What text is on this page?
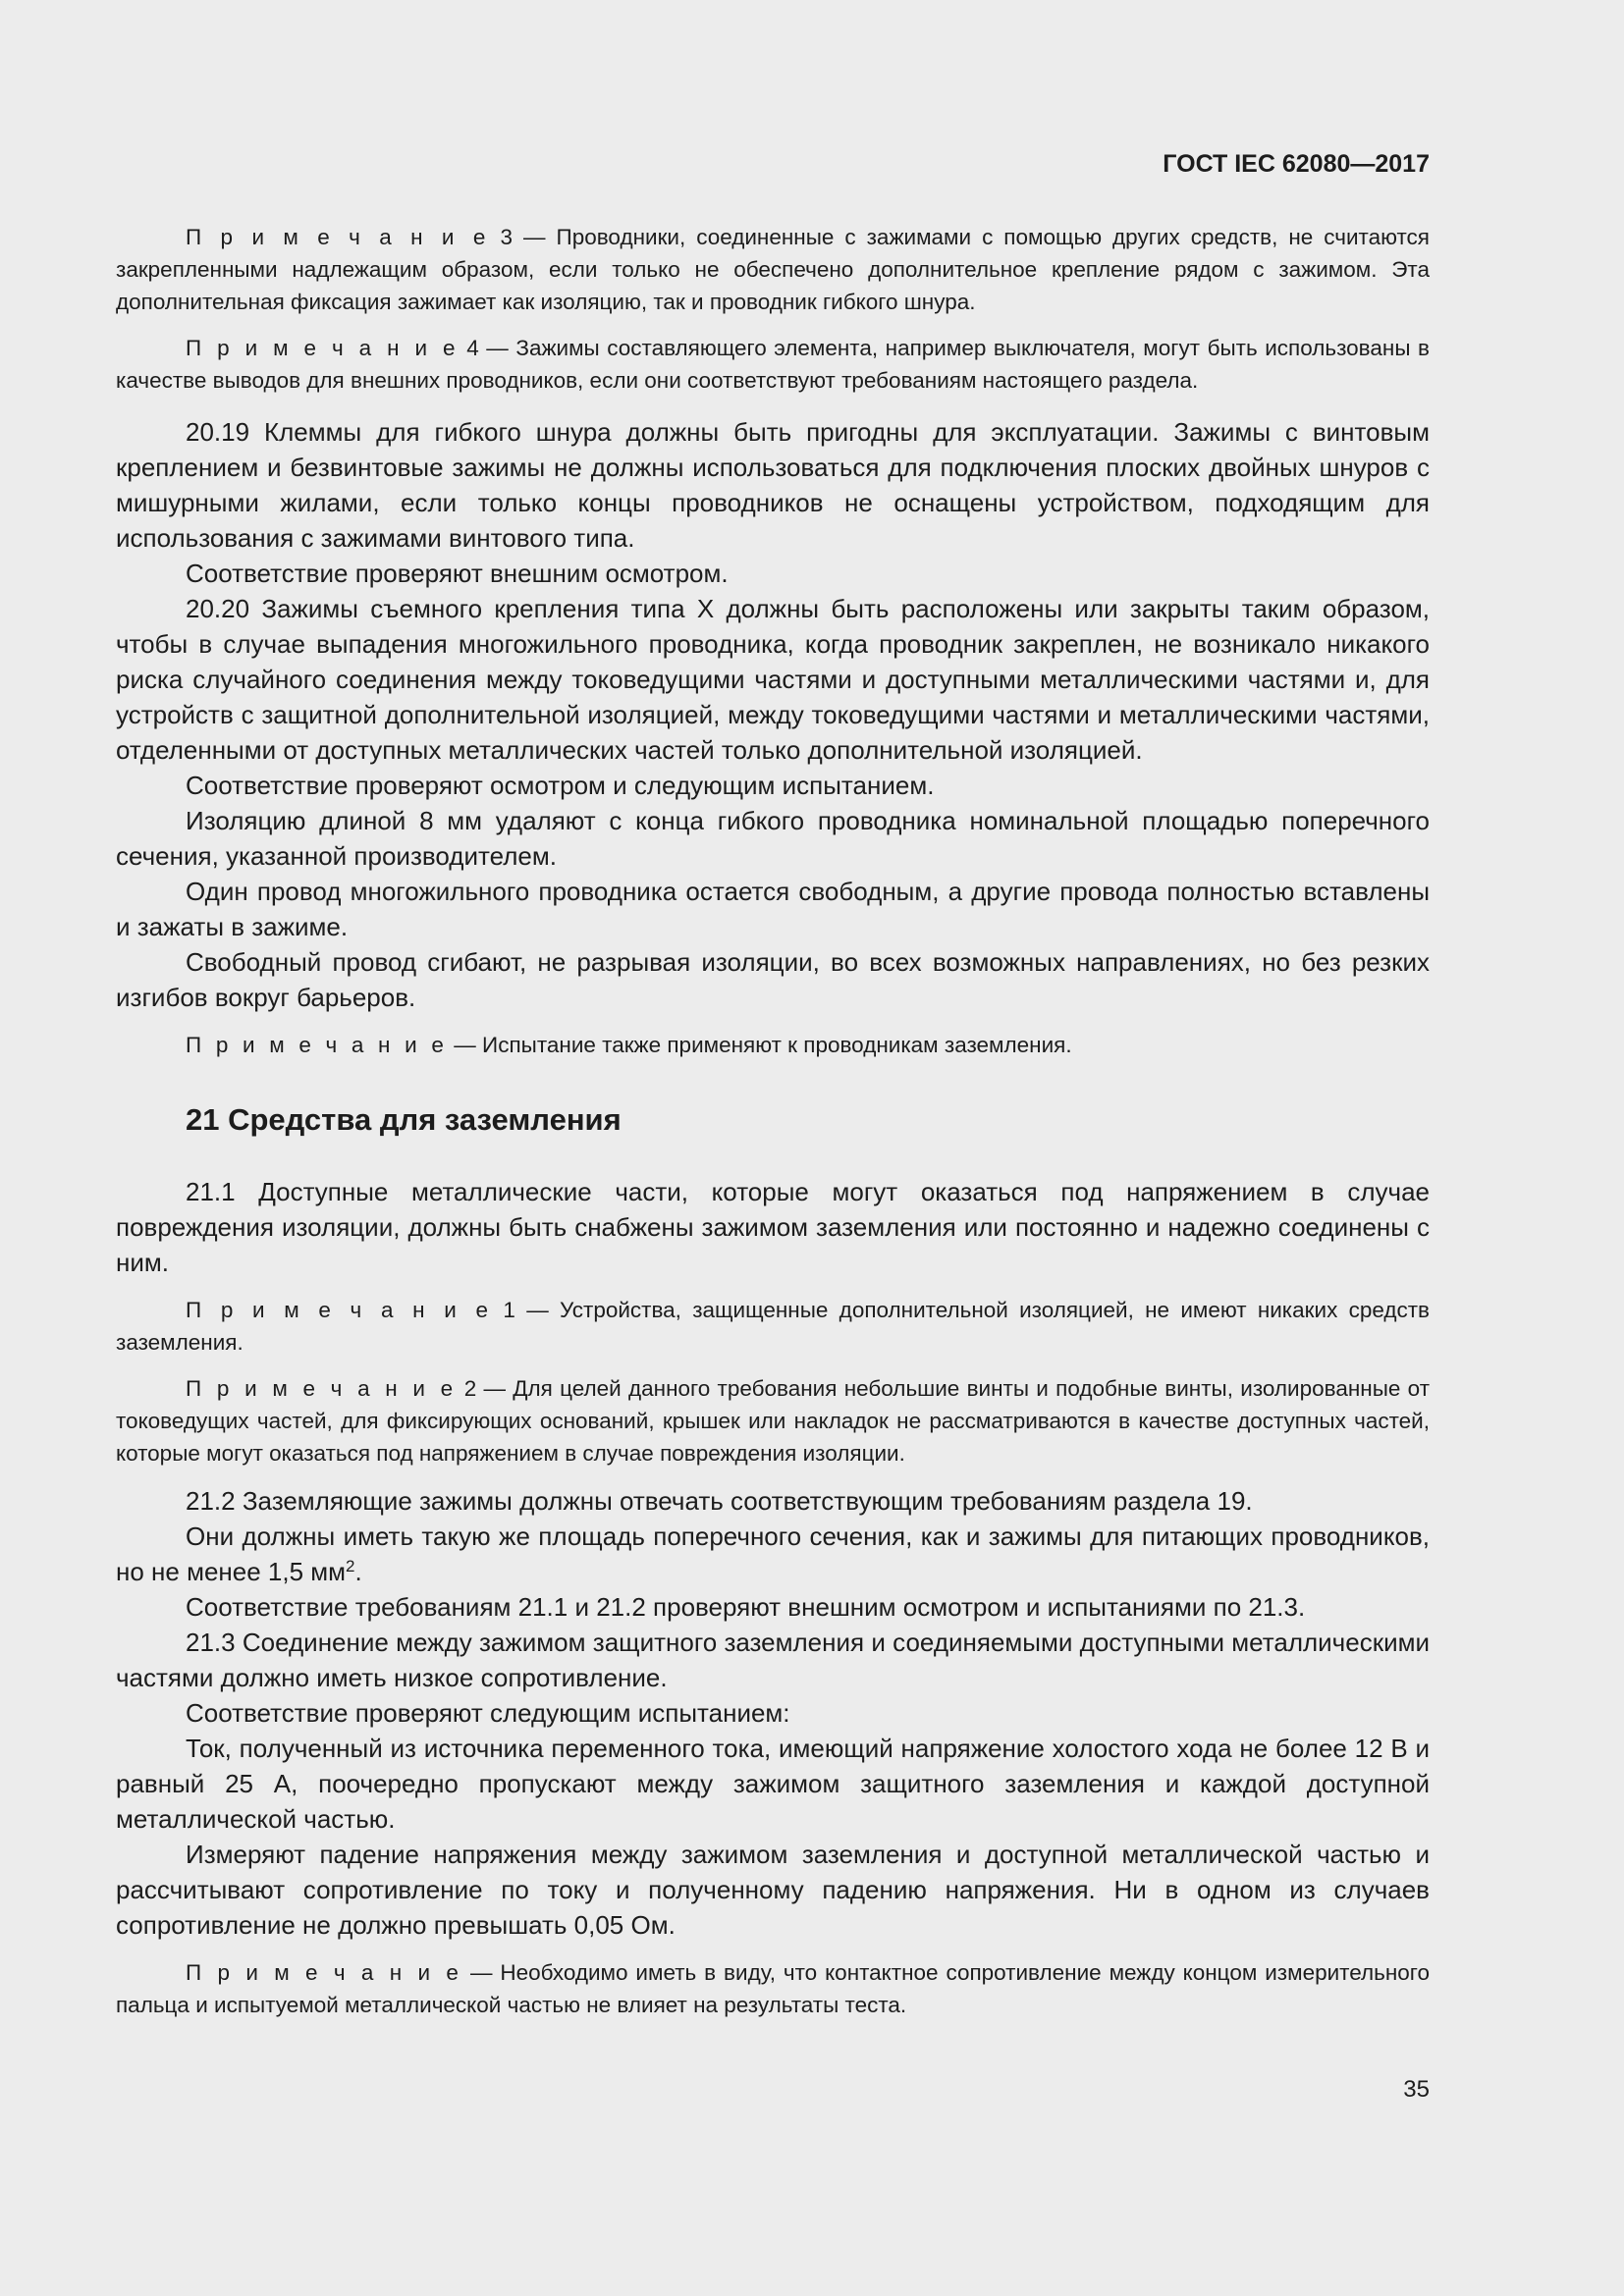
ГОСТ IEC 62080—2017

П р и м е ч а н и е 3 — Проводники, соединенные с зажимами с помощью других средств, не считаются закрепленными надлежащим образом, если только не обеспечено дополнительное крепление рядом с зажимом. Эта дополнительная фиксация зажимает как изоляцию, так и проводник гибкого шнура.

П р и м е ч а н и е 4 — Зажимы составляющего элемента, например выключателя, могут быть использованы в качестве выводов для внешних проводников, если они соответствуют требованиям настоящего раздела.

20.19 Клеммы для гибкого шнура должны быть пригодны для эксплуатации. Зажимы с винтовым креплением и безвинтовые зажимы не должны использоваться для подключения плоских двойных шнуров с мишурными жилами, если только концы проводников не оснащены устройством, подходящим для использования с зажимами винтового типа.

Соответствие проверяют внешним осмотром.

20.20 Зажимы съемного крепления типа X должны быть расположены или закрыты таким образом, чтобы в случае выпадения многожильного проводника, когда проводник закреплен, не возникало никакого риска случайного соединения между токоведущими частями и доступными металлическими частями и, для устройств с защитной дополнительной изоляцией, между токоведущими частями и металлическими частями, отделенными от доступных металлических частей только дополнительной изоляцией.

Соответствие проверяют осмотром и следующим испытанием.

Изоляцию длиной 8 мм удаляют с конца гибкого проводника номинальной площадью поперечного сечения, указанной производителем.

Один провод многожильного проводника остается свободным, а другие провода полностью вставлены и зажаты в зажиме.

Свободный провод сгибают, не разрывая изоляции, во всех возможных направлениях, но без резких изгибов вокруг барьеров.

П р и м е ч а н и е — Испытание также применяют к проводникам заземления.

21 Средства для заземления

21.1 Доступные металлические части, которые могут оказаться под напряжением в случае повреждения изоляции, должны быть снабжены зажимом заземления или постоянно и надежно соединены с ним.

П р и м е ч а н и е 1 — Устройства, защищенные дополнительной изоляцией, не имеют никаких средств заземления.

П р и м е ч а н и е 2 — Для целей данного требования небольшие винты и подобные винты, изолированные от токоведущих частей, для фиксирующих оснований, крышек или накладок не рассматриваются в качестве доступных частей, которые могут оказаться под напряжением в случае повреждения изоляции.

21.2 Заземляющие зажимы должны отвечать соответствующим требованиям раздела 19.

Они должны иметь такую же площадь поперечного сечения, как и зажимы для питающих проводников, но не менее 1,5 $мм^2$.

Соответствие требованиям 21.1 и 21.2 проверяют внешним осмотром и испытаниями по 21.3.

21.3 Соединение между зажимом защитного заземления и соединяемыми доступными металлическими частями должно иметь низкое сопротивление.

Соответствие проверяют следующим испытанием:

Ток, полученный из источника переменного тока, имеющий напряжение холостого хода не более 12 В и равный 25 А, поочередно пропускают между зажимом защитного заземления и каждой доступной металлической частью.

Измеряют падение напряжения между зажимом заземления и доступной металлической частью и рассчитывают сопротивление по току и полученному падению напряжения. Ни в одном из случаев сопротивление не должно превышать 0,05 Ом.

П р и м е ч а н и е — Необходимо иметь в виду, что контактное сопротивление между концом измерительного пальца и испытуемой металлической частью не влияет на результаты теста.

35
